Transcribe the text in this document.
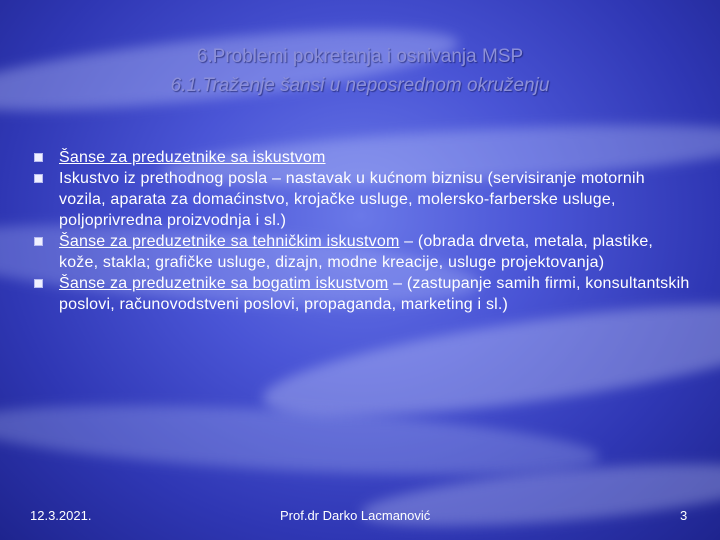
6.Problemi pokretanja i osnivanja MSP
6.1.Traženje šansi u neposrednom okruženju
Šanse za preduzetnike sa iskustvom
Iskustvo iz prethodnog posla – nastavak u kućnom biznisu (servisiranje motornih vozila, aparata za domaćinstvo, krojačke usluge, molersko-farberske usluge, poljoprivredna proizvodnja i sl.)
Šanse za preduzetnike sa tehničkim iskustvom – (obrada drveta, metala, plastike, kože, stakla; grafičke usluge, dizajn, modne kreacije, usluge projektovanja)
Šanse za preduzetnike sa bogatim iskustvom – (zastupanje samih firmi, konsultantskih poslovi, računovodstveni poslovi, propaganda, marketing i sl.)
12.3.2021.	Prof.dr Darko Lacmanović	3
